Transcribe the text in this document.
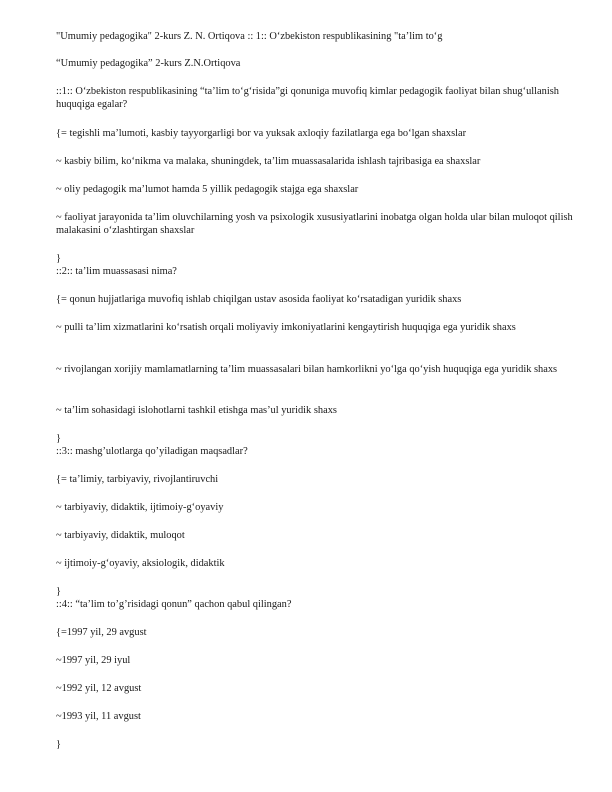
"Umumiy pedagogika" 2-kurs Z. N. Ortiqova :: 1:: O‘zbekiston respublikasining "ta’lim to‘g

“Umumiy pedagogika” 2-kurs Z.N.Ortiqova

::1:: O‘zbekiston respublikasining “ta’lim to‘g‘risida”gi qonuniga muvofiq kimlar pedagogik faoliyat bilan shug‘ullanish huquqiga egalar?

{= tegishli ma’lumoti, kasbiy tayyorgarligi bor va yuksak axloqiy fazilatlarga ega bo‘lgan shaxslar

~ kasbiy bilim, ko‘nikma va malaka, shuningdek, ta’lim muassasalarida ishlash tajribasiga ea shaxslar

~ oliy pedagogik ma’lumot hamda 5 yillik pedagogik stajga ega shaxslar

~ faoliyat jarayonida ta’lim oluvchilarning yosh va psixologik xususiyatlarini inobatga olgan holda ular bilan muloqot qilish malakasini o‘zlashtirgan shaxslar

}

::2:: ta’lim muassasasi nima?

{= qonun hujjatlariga muvofiq ishlab chiqilgan ustav asosida faoliyat ko‘rsatadigan yuridik shaxs

~ pulli ta’lim xizmatlarini ko‘rsatish orqali moliyaviy imkoniyatlarini kengaytirish huquqiga ega yuridik shaxs

~ rivojlangan xorijiy mamlamatlarning ta’lim muassasalari bilan hamkorlikni yo‘lga qo‘yish huquqiga ega yuridik shaxs

~ ta’lim sohasidagi islohotlarni tashkil etishga mas’ul yuridik shaxs

}

::3:: mashg’ulotlarga qo’yiladigan maqsadlar?

{= ta’limiy, tarbiyaviy, rivojlantiruvchi

~ tarbiyaviy, didaktik, ijtimoiy-g‘oyaviy

~ tarbiyaviy, didaktik, muloqot

~ ijtimoiy-g‘oyaviy, aksiologik, didaktik

}

::4:: “ta’lim to’g’risidagi qonun” qachon qabul qilingan?

{=1997 yil, 29 avgust

~1997 yil, 29 iyul

~1992 yil, 12 avgust

~1993 yil, 11 avgust

}
